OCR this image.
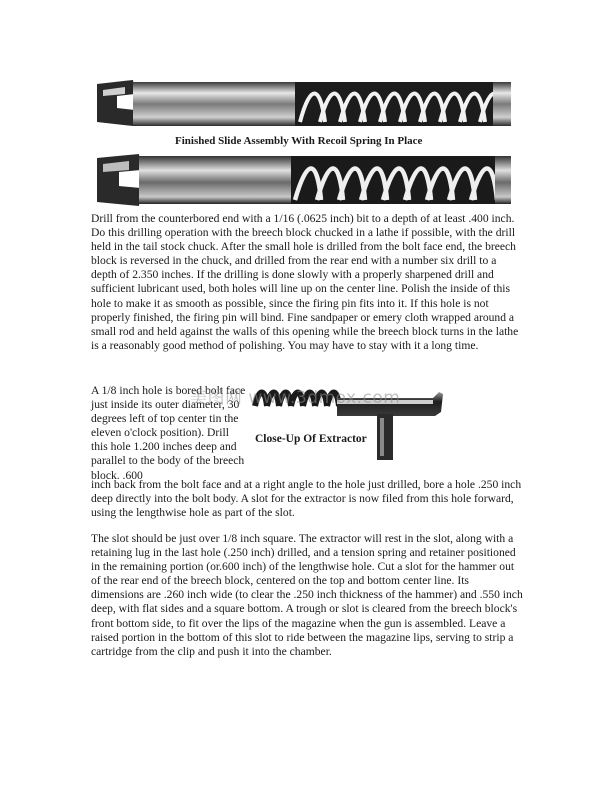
Finished Slide Assembly With Recoil Spring In Place

Drill from the counterbored end with a 1/16 (.0625 inch) bit to a depth of at least .400 inch. Do this drilling operation with the breech block chucked in a lathe if possible, with the drill held in the tail stock chuck. After the small hole is drilled from the bolt face end, the breech block is reversed in the chuck, and drilled from the rear end with a number six drill to a depth of 2.350 inches. If the drilling is done slowly with a properly sharpened drill and sufficient lubricant used, both holes will line up on the center line. Polish the inside of this hole to make it as smooth as possible, since the firing pin fits into it. If this hole is not properly finished, the firing pin will bind. Fine sandpaper or emery cloth wrapped around a small rod and held against the walls of this opening while the breech block turns in the lathe is a reasonably good method of polishing. You may have to stay with it a long time.

A 1/8 inch hole is bored bolt face just inside its outer diameter, 30 degrees left of top center tin the eleven o'clock position). Drill this hole 1.200 inches deep and parallel to the body of the breech block. .600

Close-Up Of Extractor
美图网 www.3dmox.com

inch back from the bolt face and at a right angle to the hole just drilled, bore a hole .250 inch deep directly into the bolt body. A slot for the extractor is now filed from this hole forward, using the lengthwise hole as part of the slot.

The slot should be just over 1/8 inch square. The extractor will rest in the slot, along with a retaining lug in the last hole (.250 inch) drilled, and a tension spring and retainer positioned in the remaining portion (or.600 inch) of the lengthwise hole. Cut a slot for the hammer out of the rear end of the breech block, centered on the top and bottom center line. Its dimensions are .260 inch wide (to clear the .250 inch thickness of the hammer) and .550 inch deep, with flat sides and a square bottom. A trough or slot is cleared from the breech block's front bottom side, to fit over the lips of the magazine when the gun is assembled. Leave a raised portion in the bottom of this slot to ride between the magazine lips, serving to strip a cartridge from the clip and push it into the chamber.
